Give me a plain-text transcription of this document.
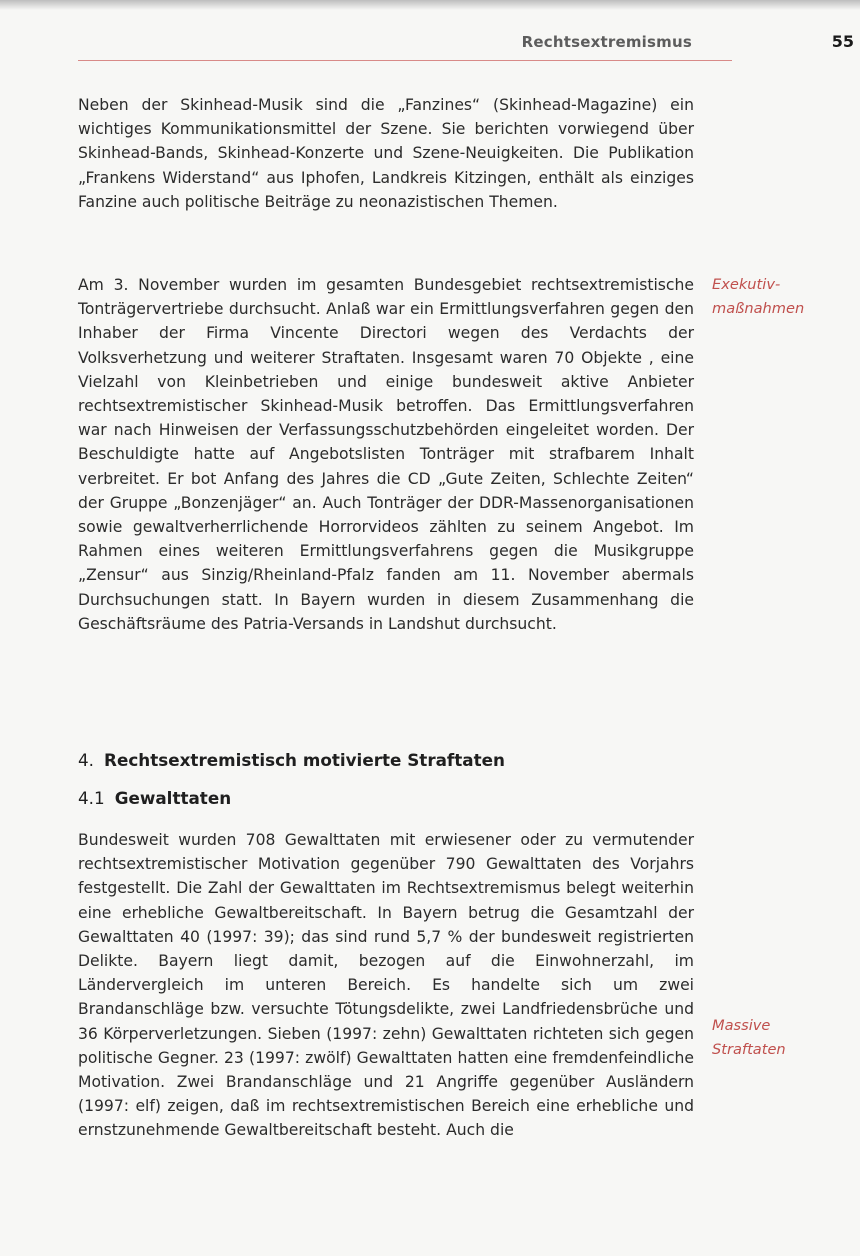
Rechtsextremismus	55

Neben der Skinhead-Musik sind die „Fanzines“ (Skinhead-Magazine) ein wichtiges Kommunikationsmittel der Szene. Sie berichten vorwiegend über Skinhead-Bands, Skinhead-Konzerte und Szene-Neuigkeiten. Die Publikation „Frankens Widerstand“ aus Iphofen, Landkreis Kitzingen, enthält als einziges Fanzine auch politische Beiträge zu neonazistischen Themen.

Am 3. November wurden im gesamten Bundesgebiet rechtsextremistische Tonträgervertriebe durchsucht. Anlaß war ein Ermittlungsverfahren gegen den Inhaber der Firma Vincente Directori wegen des Verdachts der Volksverhetzung und weiterer Straftaten. Insgesamt waren 70 Objekte , eine Vielzahl von Kleinbetrieben und einige bundesweit aktive Anbieter rechtsextremistischer Skinhead-Musik betroffen. Das Ermittlungsverfahren war nach Hinweisen der Verfassungsschutzbehörden eingeleitet worden. Der Beschuldigte hatte auf Angebotslisten Tonträger mit strafbarem Inhalt verbreitet. Er bot Anfang des Jahres die CD „Gute Zeiten, Schlechte Zeiten“ der Gruppe „Bonzenjäger“ an. Auch Tonträger der DDR-Massenorganisationen sowie gewaltverherrlichende Horrorvideos zählten zu seinem Angebot. Im Rahmen eines weiteren Ermittlungsverfahrens gegen die Musikgruppe „Zensur“ aus Sinzig/Rheinland-Pfalz fanden am 11. November abermals Durchsuchungen statt. In Bayern wurden in diesem Zusammenhang die Geschäftsräume des Patria-Versands in Landshut durchsucht.

Exekutiv-
maßnahmen
4. Rechtsextremistisch motivierte Straftaten
4.1 Gewalttaten

Bundesweit wurden 708 Gewalttaten mit erwiesener oder zu vermutender rechtsextremistischer Motivation gegenüber 790 Gewalttaten des Vorjahrs festgestellt. Die Zahl der Gewalttaten im Rechtsextremismus belegt weiterhin eine erhebliche Gewaltbereitschaft. In Bayern betrug die Gesamtzahl der Gewalttaten 40 (1997: 39); das sind rund 5,7 % der bundesweit registrierten Delikte. Bayern liegt damit, bezogen auf die Einwohnerzahl, im Ländervergleich im unteren Bereich. Es handelte sich um zwei Brandanschläge bzw. versuchte Tötungsdelikte, zwei Landfriedensbrüche und 36 Körperverletzungen. Sieben (1997: zehn) Gewalttaten richteten sich gegen politische Gegner. 23 (1997: zwölf) Gewalttaten hatten eine fremdenfeindliche Motivation. Zwei Brandanschläge und 21 Angriffe gegenüber Ausländern (1997: elf) zeigen, daß im rechtsextremistischen Bereich eine erhebliche und ernstzunehmende Gewaltbereitschaft besteht. Auch die

Massive
Straftaten
